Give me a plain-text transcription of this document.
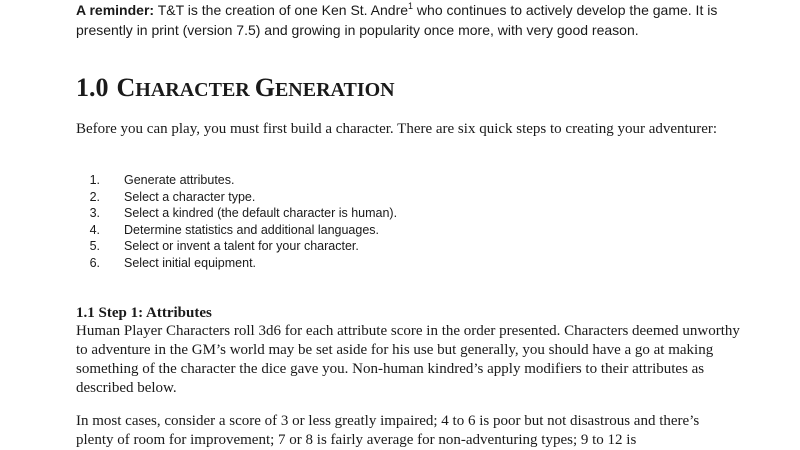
A reminder: T&T is the creation of one Ken St. Andre$^1$ who continues to actively develop the game. It is presently in print (version 7.5) and growing in popularity once more, with very good reason.
1.0 CHARACTER GENERATION
Before you can play, you must first build a character. There are six quick steps to creating your adventurer:
1. Generate attributes.
2. Select a character type.
3. Select a kindred (the default character is human).
4. Determine statistics and additional languages.
5. Select or invent a talent for your character.
6. Select initial equipment.
1.1 Step 1: Attributes

Human Player Characters roll 3d6 for each attribute score in the order presented. Characters deemed unworthy to adventure in the GM’s world may be set aside for his use but generally, you should have a go at making something of the character the dice gave you. Non-human kindred’s apply modifiers to their attributes as described below.

In most cases, consider a score of 3 or less greatly impaired; 4 to 6 is poor but not disastrous and there’s plenty of room for improvement; 7 or 8 is fairly average for non-adventuring types; 9 to 12 is
